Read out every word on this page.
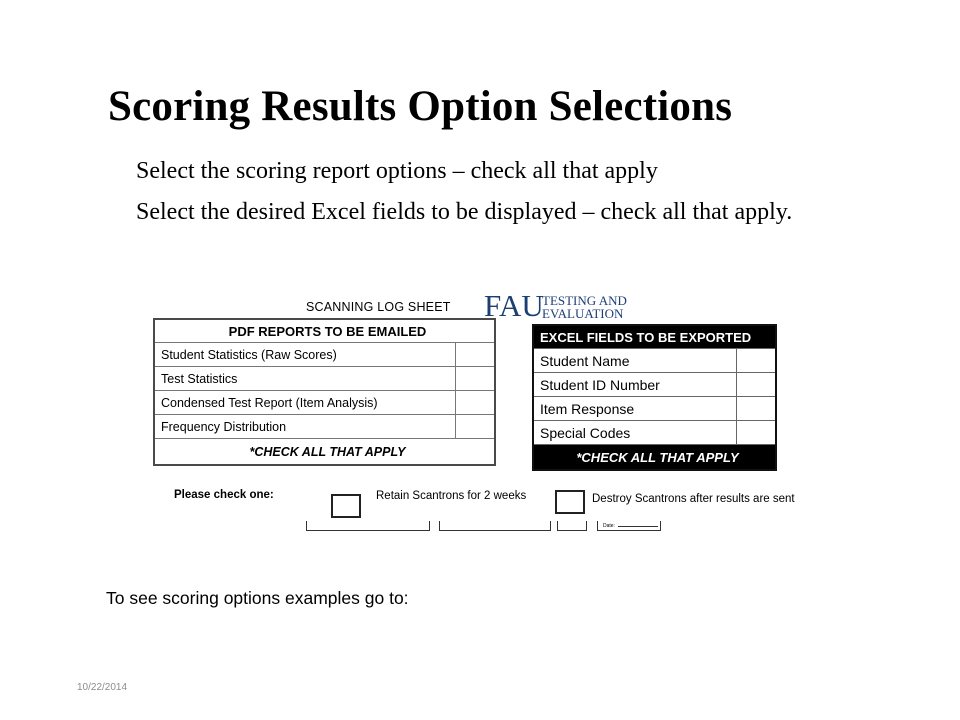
Scoring Results Option Selections
Select the scoring report options – check all that apply
Select the desired Excel fields to be displayed – check all that apply.
SCANNING LOG SHEET FAU
TESTING AND
EVALUATION
PDF REPORTS TO BE EMAILED	
Student Statistics (Raw Scores)	
Test Statistics	
Condensed Test Report (Item Analysis)	
Frequency Distribution	
*CHECK ALL THAT APPLY	
EXCEL FIELDS TO BE EXPORTED	
Student Name	
Student ID Number	
Item Response	
Special Codes	
*CHECK ALL THAT APPLY	
Please check one:	Retain Scantrons for 2 weeks	Destroy Scantrons after results are sent
Date:
To see scoring options examples go to:
10/22/2014
